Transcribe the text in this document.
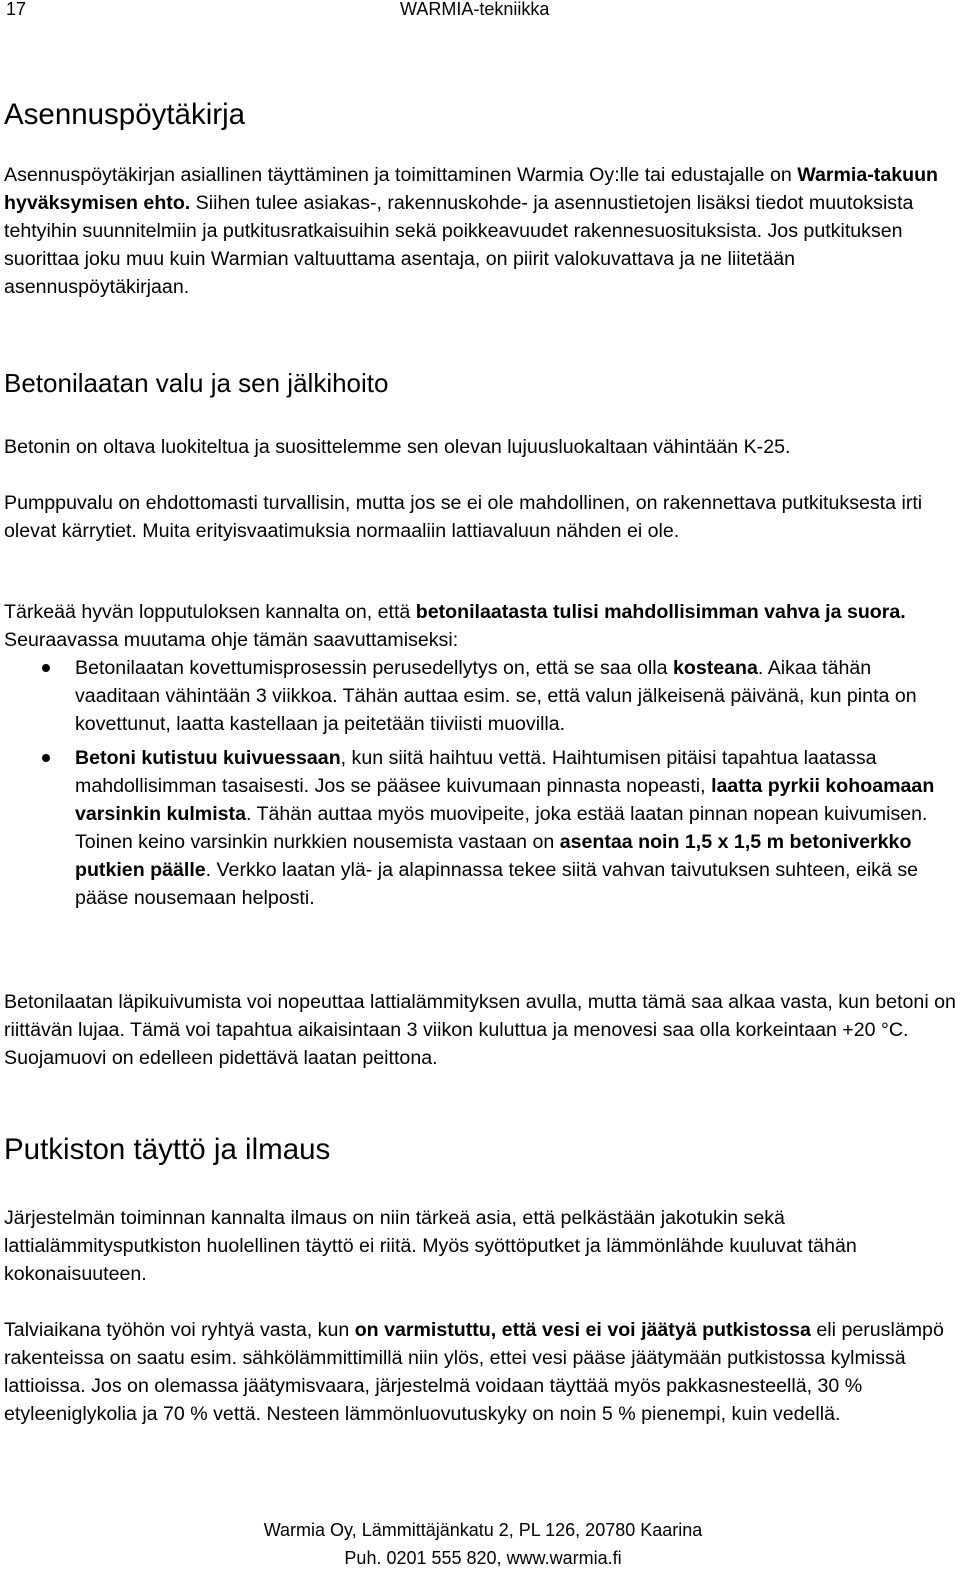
17	WARMIA-tekniikka
Asennuspöytäkirja

Asennuspöytäkirjan asiallinen täyttäminen ja toimittaminen Warmia Oy:lle tai edustajalle on Warmia-takuun hyväksymisen ehto. Siihen tulee asiakas-, rakennuskohde- ja asennustietojen lisäksi tiedot muutoksista tehtyihin suunnitelmiin ja putkitusratkaisuihin sekä poikkeavuudet rakennesuosituksista. Jos putkituksen suorittaa joku muu kuin Warmian valtuuttama asentaja, on piirit valokuvattava ja ne liitetään asennuspöytäkirjaan.

Betonilaatan valu ja sen jälkihoito

Betonin on oltava luokiteltua ja suosittelemme sen olevan lujuusluokaltaan vähintään K-25.

Pumppuvalu on ehdottomasti turvallisin, mutta jos se ei ole mahdollinen, on rakennettava putkituksesta irti olevat kärrytiet. Muita erityisvaatimuksia normaaliin lattiavaluun nähden ei ole.

Tärkeää hyvän lopputuloksen kannalta on, että betonilaatasta tulisi mahdollisimman vahva ja suora. Seuraavassa muutama ohje tämän saavuttamiseksi:

Betonilaatan kovettumisprosessin perusedellytys on, että se saa olla kosteana. Aikaa tähän vaaditaan vähintään 3 viikkoa. Tähän auttaa esim. se, että valun jälkeisenä päivänä, kun pinta on kovettunut, laatta kastellaan ja peitetään tiiviisti muovilla.
Betoni kutistuu kuivuessaan, kun siitä haihtuu vettä. Haihtumisen pitäisi tapahtua laatassa mahdollisimman tasaisesti. Jos se pääsee kuivumaan pinnasta nopeasti, laatta pyrkii kohoamaan varsinkin kulmista. Tähän auttaa myös muovipeite, joka estää laatan pinnan nopean kuivumisen. Toinen keino varsinkin nurkkien nousemista vastaan on asentaa noin 1,5 x 1,5 m betoniverkko putkien päälle. Verkko laatan ylä- ja alapinnassa tekee siitä vahvan taivutuksen suhteen, eikä se pääse nousemaan helposti.

Betonilaatan läpikuivumista voi nopeuttaa lattialämmityksen avulla, mutta tämä saa alkaa vasta, kun betoni on riittävän lujaa. Tämä voi tapahtua aikaisintaan 3 viikon kuluttua ja menovesi saa olla korkeintaan +20 °C. Suojamuovi on edelleen pidettävä laatan peittona.

Putkiston täyttö ja ilmaus

Järjestelmän toiminnan kannalta ilmaus on niin tärkeä asia, että pelkästään jakotukin sekä lattialämmitysputkiston huolellinen täyttö ei riitä. Myös syöttöputket ja lämmönlähde kuuluvat tähän kokonaisuuteen.

Talviaikana työhön voi ryhtyä vasta, kun on varmistuttu, että vesi ei voi jäätyä putkistossa eli peruslämpö rakenteissa on saatu esim. sähkölämmittimillä niin ylös, ettei vesi pääse jäätymään putkistossa kylmissä lattioissa. Jos on olemassa jäätymisvaara, järjestelmä voidaan täyttää myös pakkasnesteellä, 30 % etyleeniglykolia ja 70 % vettä. Nesteen lämmönluovutuskyky on noin 5 % pienempi, kuin vedellä.

Warmia Oy, Lämmittäjänkatu 2, PL 126, 20780 Kaarina
Puh. 0201 555 820, www.warmia.fi
